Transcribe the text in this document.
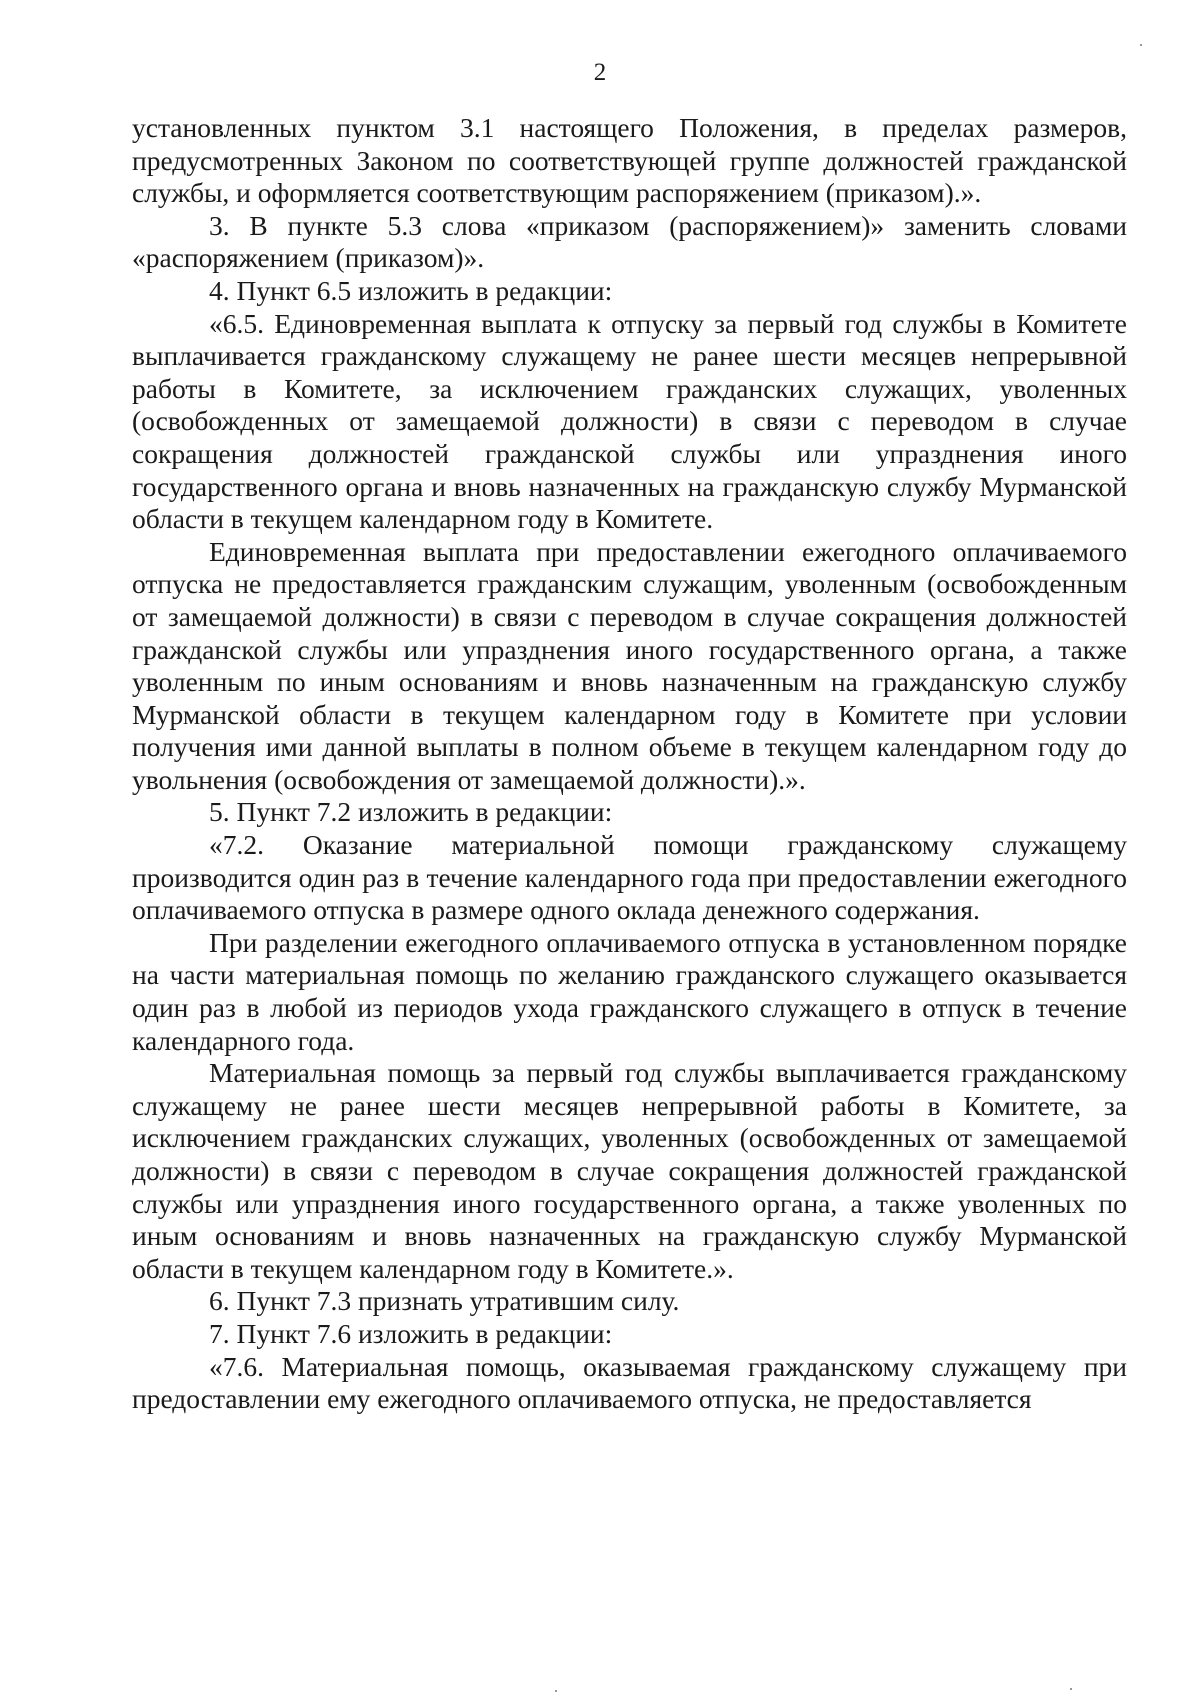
2

установленных пунктом 3.1 настоящего Положения, в пределах размеров, предусмотренных Законом по соответствующей группе должностей гражданской службы, и оформляется соответствующим распоряжением (приказом).».

3. В пункте 5.3 слова «приказом (распоряжением)» заменить словами «распоряжением (приказом)».

4. Пункт 6.5 изложить в редакции:

«6.5. Единовременная выплата к отпуску за первый год службы в Комитете выплачивается гражданскому служащему не ранее шести месяцев непрерывной работы в Комитете, за исключением гражданских служащих, уволенных (освобожденных от замещаемой должности) в связи с переводом в случае сокращения должностей гражданской службы или упразднения иного государственного органа и вновь назначенных на гражданскую службу Мурманской области в текущем календарном году в Комитете.

Единовременная выплата при предоставлении ежегодного оплачиваемого отпуска не предоставляется гражданским служащим, уволенным (освобожденным от замещаемой должности) в связи с переводом в случае сокращения должностей гражданской службы или упразднения иного государственного органа, а также уволенным по иным основаниям и вновь назначенным на гражданскую службу Мурманской области в текущем календарном году в Комитете при условии получения ими данной выплаты в полном объеме в текущем календарном году до увольнения (освобождения от замещаемой должности).».

5. Пункт 7.2 изложить в редакции:

«7.2. Оказание материальной помощи гражданскому служащему производится один раз в течение календарного года при предоставлении ежегодного оплачиваемого отпуска в размере одного оклада денежного содержания.

При разделении ежегодного оплачиваемого отпуска в установленном порядке на части материальная помощь по желанию гражданского служащего оказывается один раз в любой из периодов ухода гражданского служащего в отпуск в течение календарного года.

Материальная помощь за первый год службы выплачивается гражданскому служащему не ранее шести месяцев непрерывной работы в Комитете, за исключением гражданских служащих, уволенных (освобожденных от замещаемой должности) в связи с переводом в случае сокращения должностей гражданской службы или упразднения иного государственного органа, а также уволенных по иным основаниям и вновь назначенных на гражданскую службу Мурманской области в текущем календарном году в Комитете.».

6. Пункт 7.3 признать утратившим силу.

7. Пункт 7.6 изложить в редакции:

«7.6. Материальная помощь, оказываемая гражданскому служащему при предоставлении ему ежегодного оплачиваемого отпуска, не предоставляется
